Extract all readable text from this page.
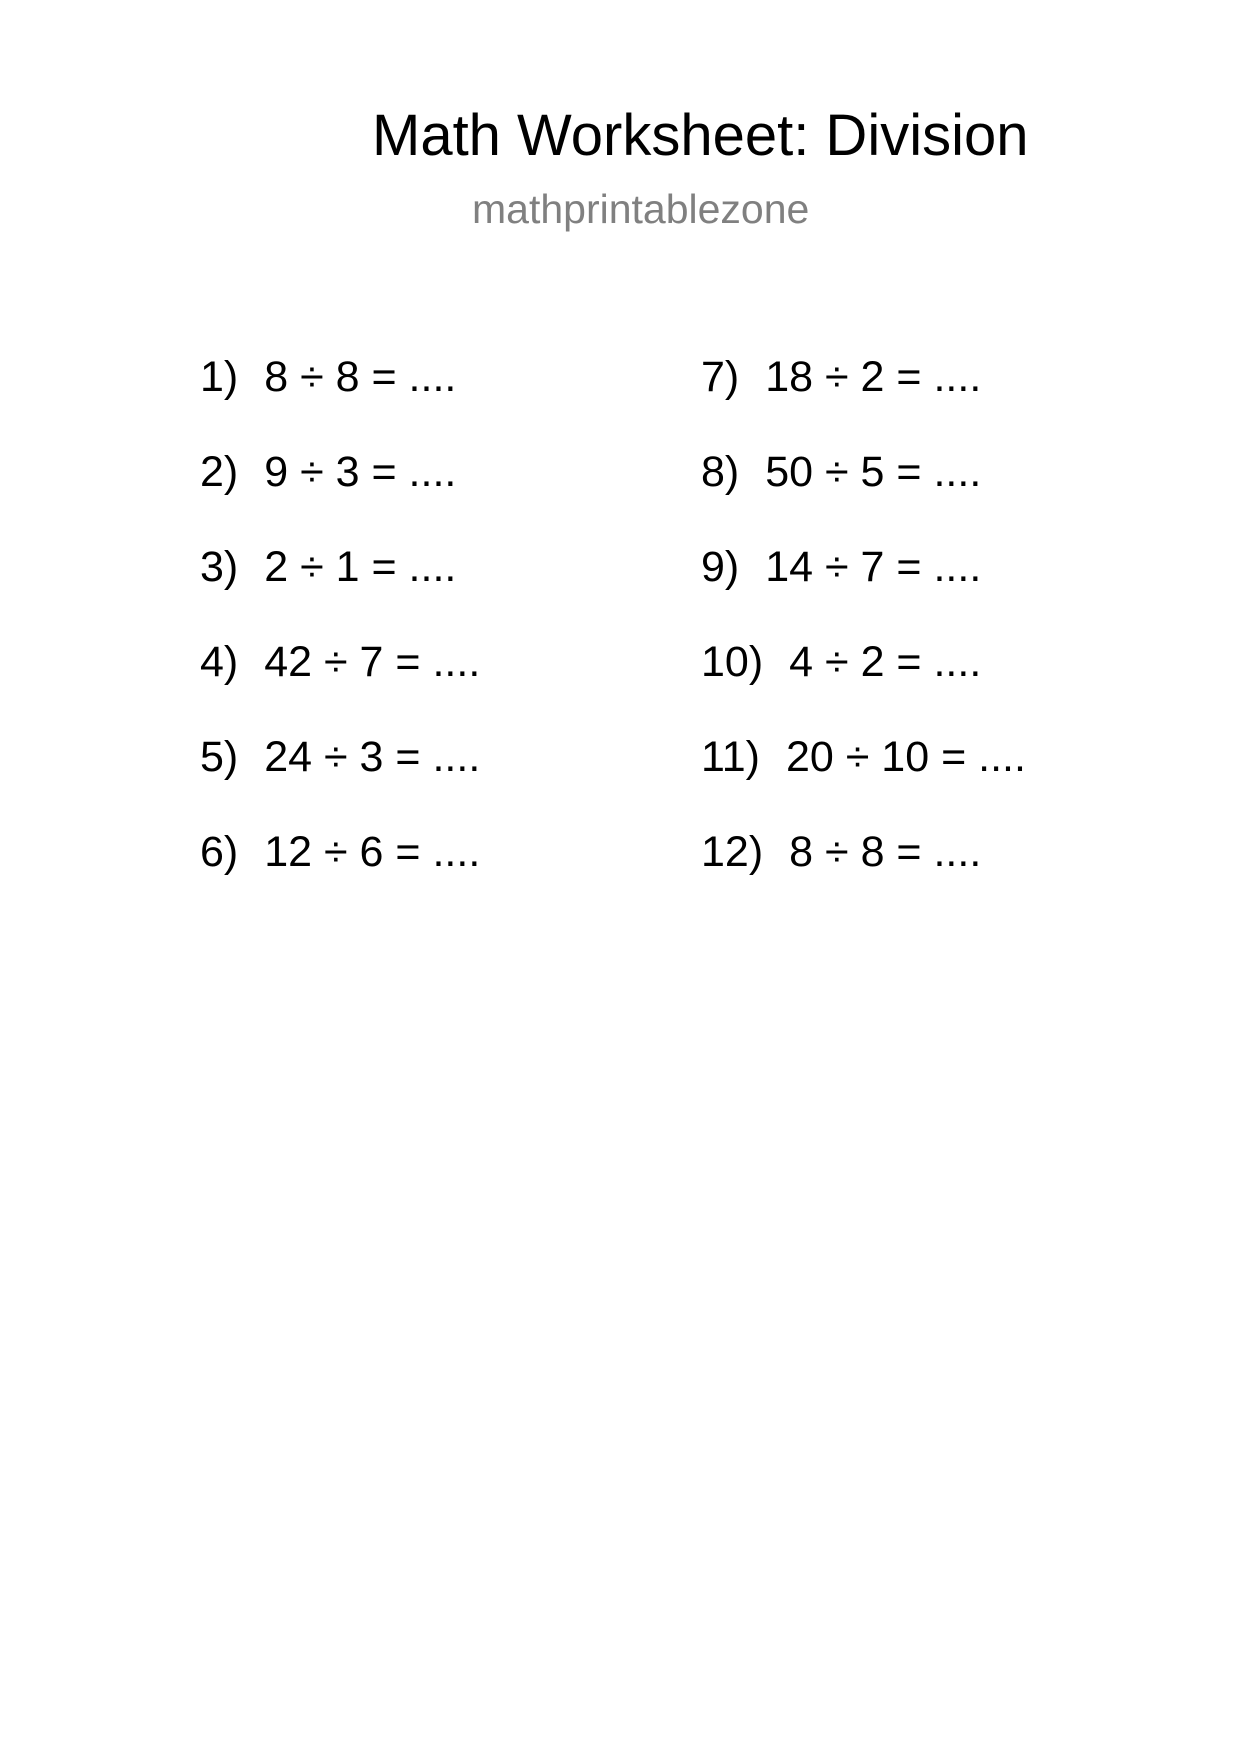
Math Worksheet: Division
mathprintablezone
1) 8 ÷ 8 = ....
2) 9 ÷ 3 = ....
3) 2 ÷ 1 = ....
4) 42 ÷ 7 = ....
5) 24 ÷ 3 = ....
6) 12 ÷ 6 = ....
7) 18 ÷ 2 = ....
8) 50 ÷ 5 = ....
9) 14 ÷ 7 = ....
10) 4 ÷ 2 = ....
11) 20 ÷ 10 = ....
12) 8 ÷ 8 = ....
